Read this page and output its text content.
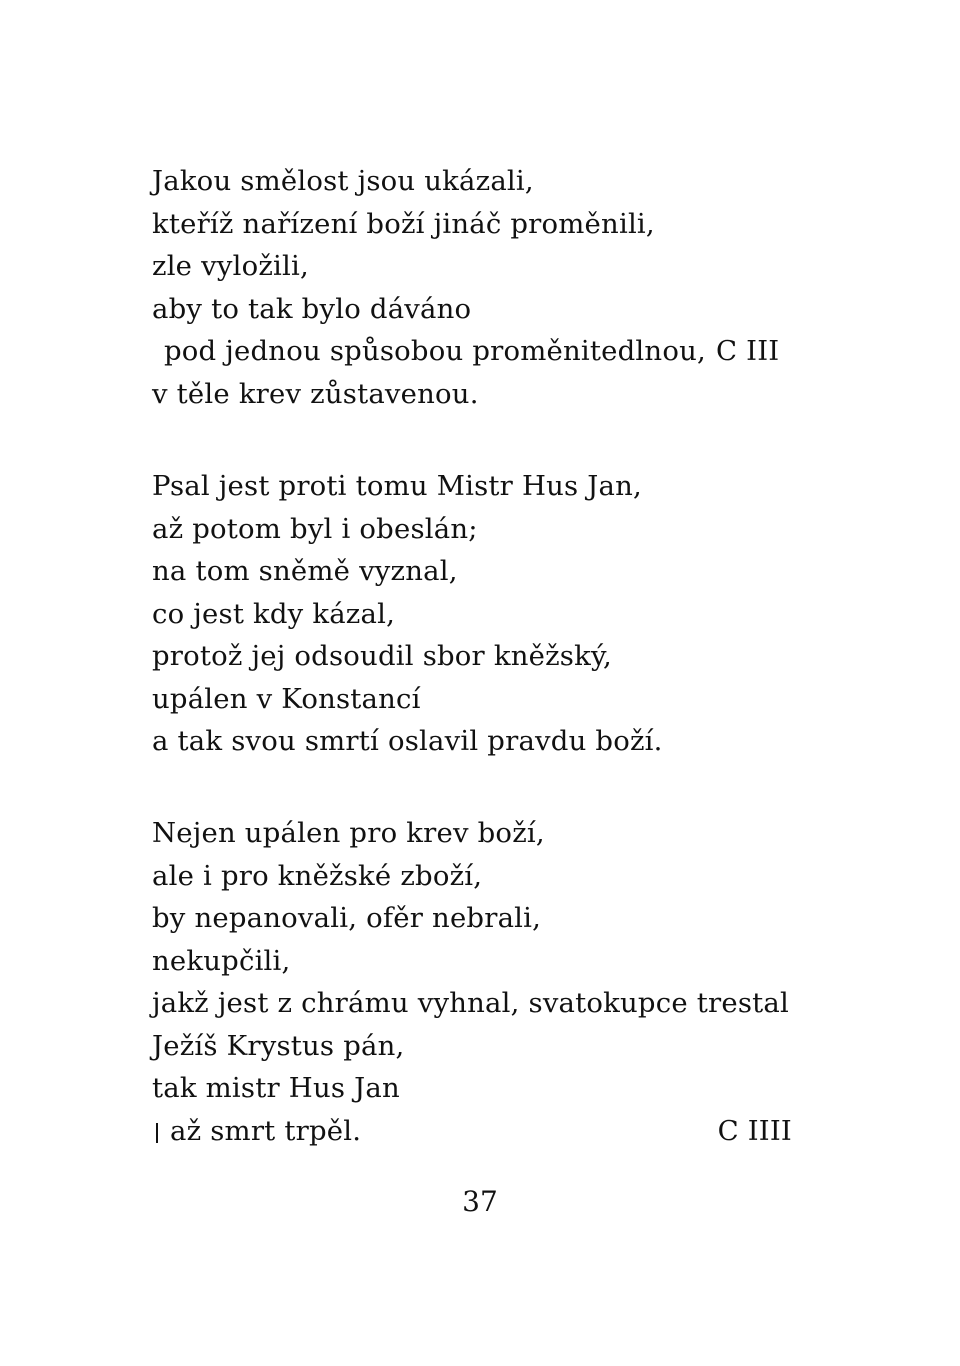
Jakou smělost jsou ukázali,
kteříž nařízení boží jináč proměnili,
zle vyložili,
aby to tak bylo dáváno
pod jednou spůsobou proměnitedlnou, C III
v těle krev zůstavenou.
Psal jest proti tomu Mistr Hus Jan,
až potom byl i obeslán;
na tom sněmě vyznal,
co jest kdy kázal,
protož jej odsoudil sbor kněžský,
upálen v Konstancí
a tak svou smrtí oslavil pravdu boží.
Nejen upálen pro krev boží,
ale i pro kněžské zboží,
by nepanovali, ofěr nebrali,
nekupčili,
jakž jest z chrámu vyhnal, svatokupce trestal
Ježíš Krystus pán,
tak mistr Hus Jan
až smrt trpěl.	C IIII
37
